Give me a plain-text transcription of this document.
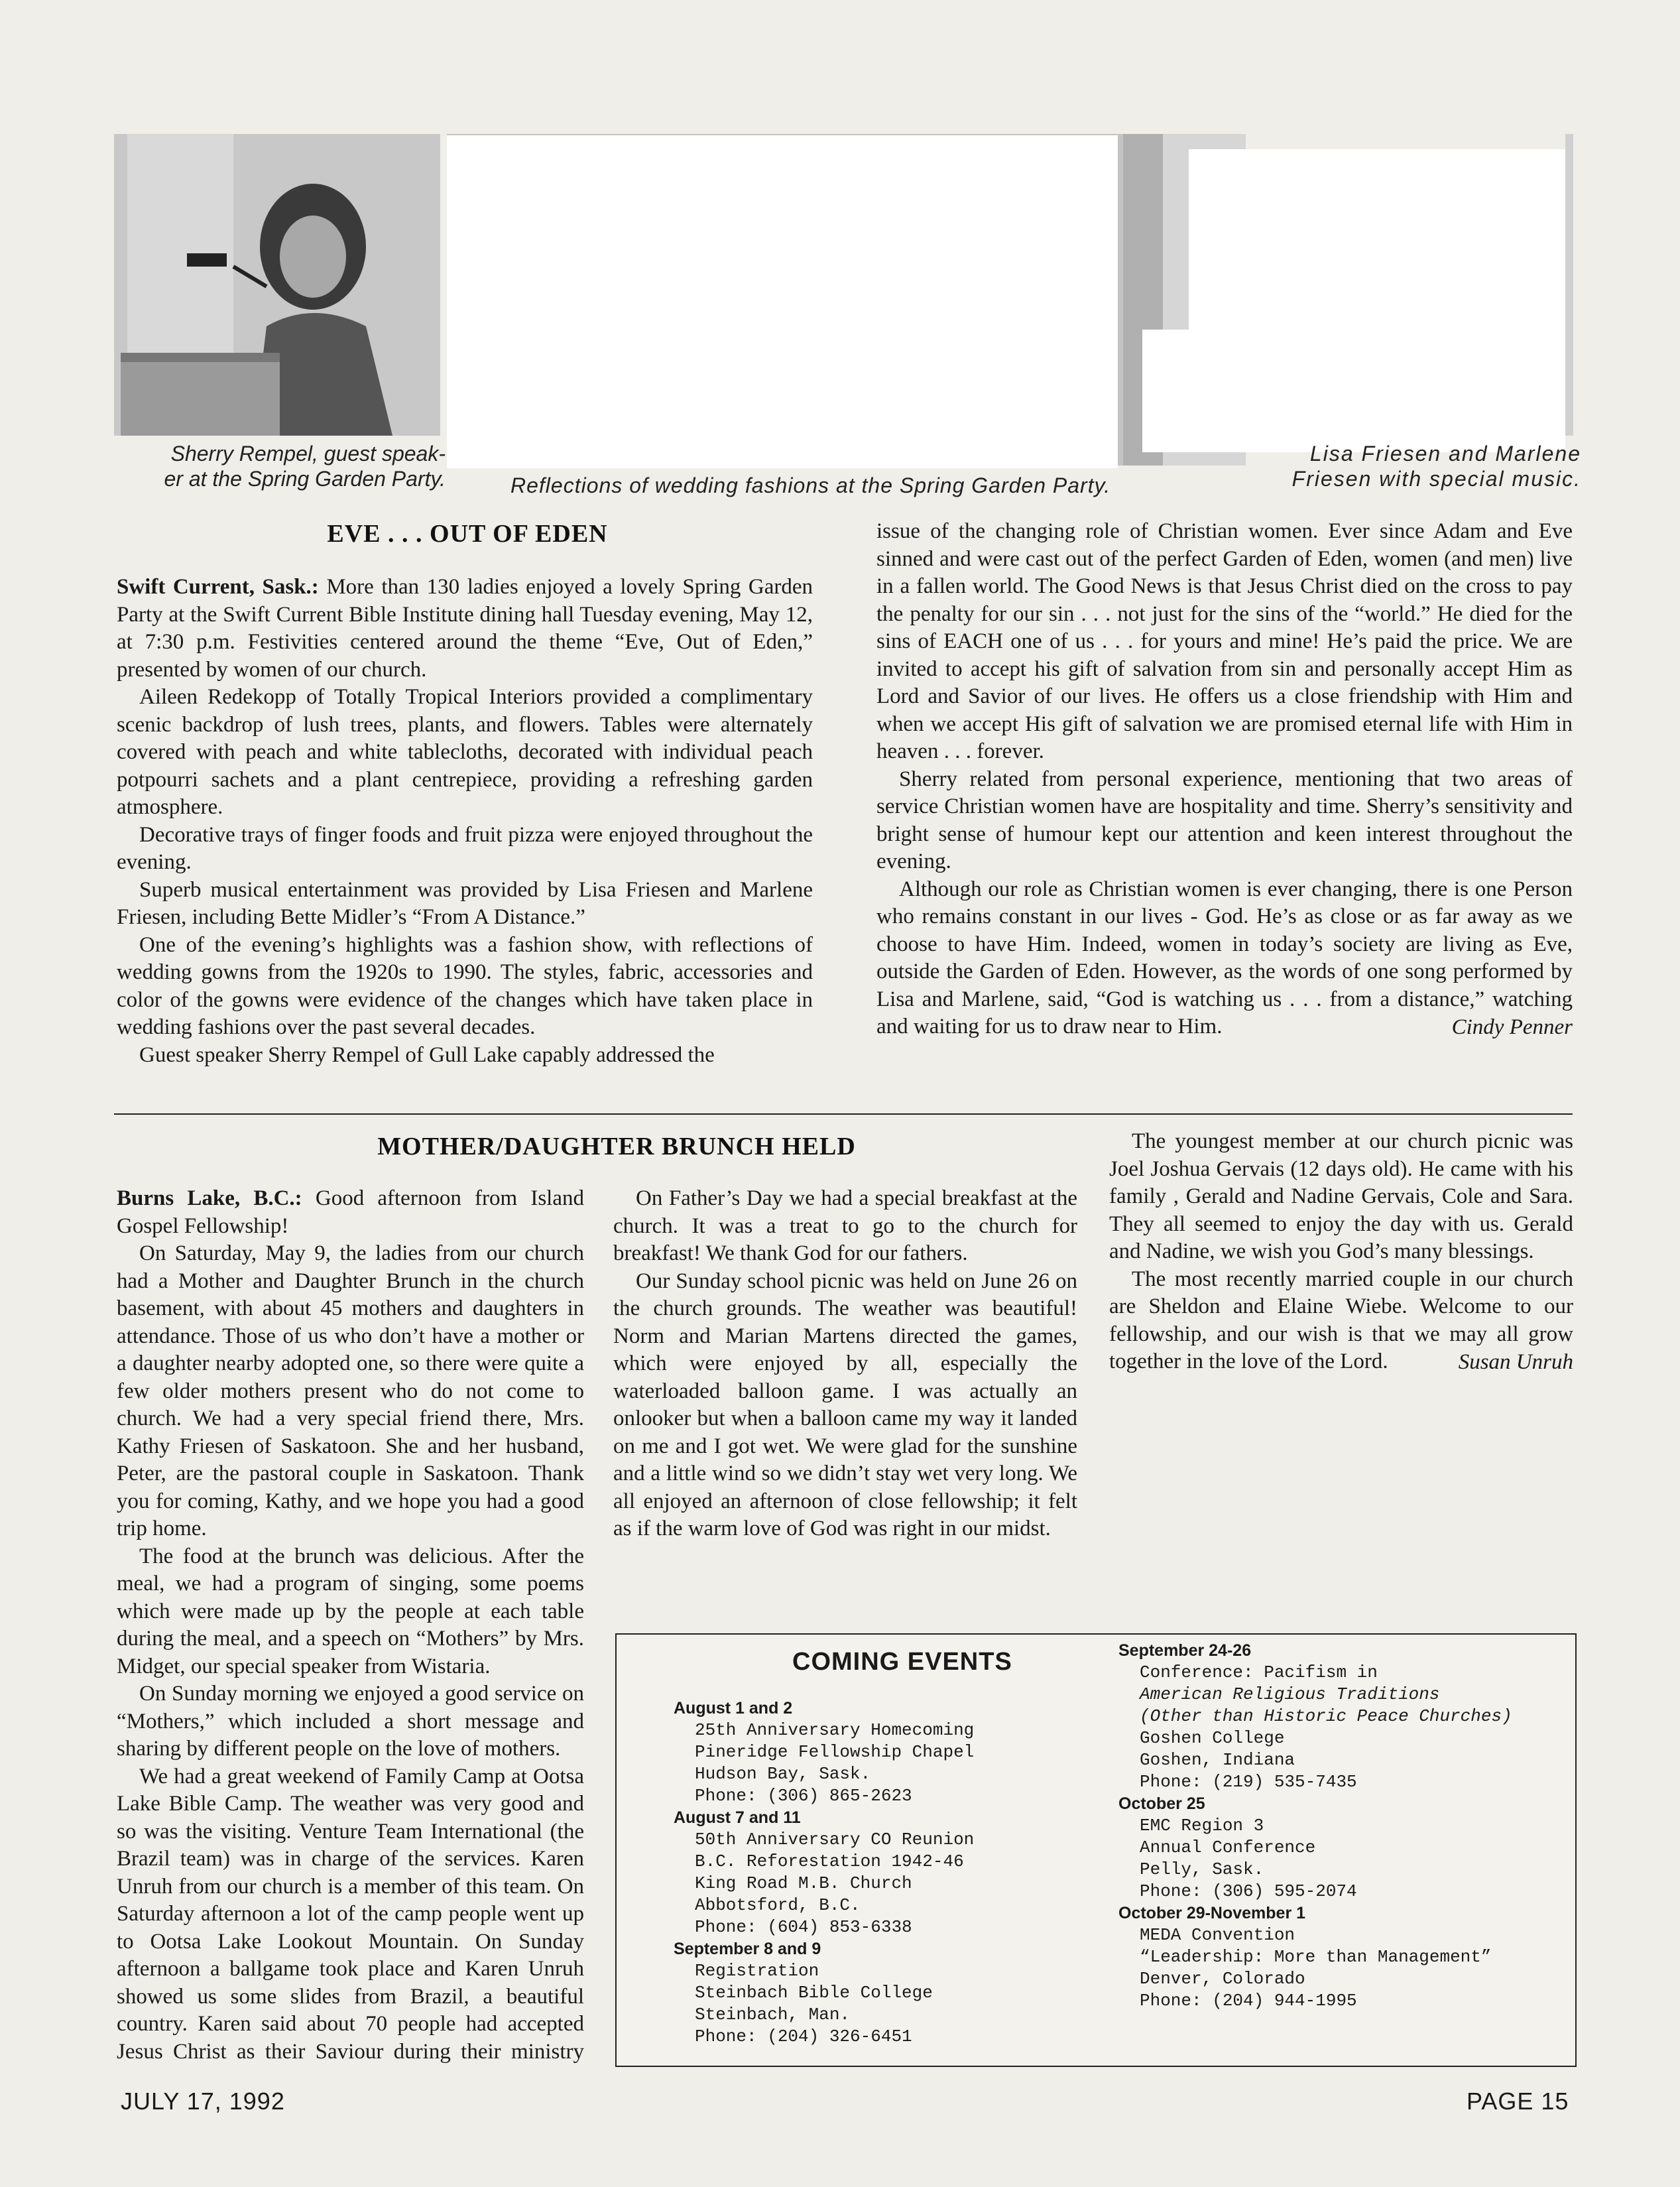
Sherry Rempel, guest speak-
er at the Spring Garden Party.	Reflections of wedding fashions at the Spring Garden Party.
Lisa Friesen and Marlene
Friesen with special music.
EVE . . . OUT OF EDEN

Swift Current, Sask.: More than 130 ladies enjoyed a lovely Spring Garden Party at the Swift Current Bible Institute dining hall Tuesday evening, May 12, at 7:30 p.m. Festivities centered around the theme “Eve, Out of Eden,” presented by women of our church.

Aileen Redekopp of Totally Tropical Interiors provided a complimentary scenic backdrop of lush trees, plants, and flowers. Tables were alternately covered with peach and white tablecloths, decorated with individual peach potpourri sachets and a plant centrepiece, providing a refreshing garden atmosphere.

Decorative trays of finger foods and fruit pizza were enjoyed throughout the evening.

Superb musical entertainment was provided by Lisa Friesen and Marlene Friesen, including Bette Midler’s “From A Distance.”

One of the evening’s highlights was a fashion show, with reflections of wedding gowns from the 1920s to 1990. The styles, fabric, accessories and color of the gowns were evidence of the changes which have taken place in wedding fashions over the past several decades.

Guest speaker Sherry Rempel of Gull Lake capably addressed the

issue of the changing role of Christian women. Ever since Adam and Eve sinned and were cast out of the perfect Garden of Eden, women (and men) live in a fallen world. The Good News is that Jesus Christ died on the cross to pay the penalty for our sin . . . not just for the sins of the “world.” He died for the sins of EACH one of us . . . for yours and mine! He’s paid the price. We are invited to accept his gift of salvation from sin and personally accept Him as Lord and Savior of our lives. He offers us a close friendship with Him and when we accept His gift of salvation we are promised eternal life with Him in heaven . . . forever.

Sherry related from personal experience, mentioning that two areas of service Christian women have are hospitality and time. Sherry’s sensitivity and bright sense of humour kept our attention and keen interest throughout the evening.

Although our role as Christian women is ever changing, there is one Person who remains constant in our lives - God. He’s as close or as far away as we choose to have Him. Indeed, women in today’s society are living as Eve, outside the Garden of Eden. However, as the words of one song performed by Lisa and Marlene, said, “God is watching us . . . from a distance,” watching and waiting for us to draw near to Him.	Cindy Penner
MOTHER/DAUGHTER BRUNCH HELD

Burns Lake, B.C.: Good afternoon from Island Gospel Fellowship!

On Saturday, May 9, the ladies from our church had a Mother and Daughter Brunch in the church basement, with about 45 mothers and daughters in attendance. Those of us who don’t have a mother or a daughter nearby adopted one, so there were quite a few older mothers present who do not come to church. We had a very special friend there, Mrs. Kathy Friesen of Saskatoon. She and her husband, Peter, are the pastoral couple in Saskatoon. Thank you for coming, Kathy, and we hope you had a good trip home.

The food at the brunch was delicious. After the meal, we had a program of singing, some poems which were made up by the people at each table during the meal, and a speech on “Mothers” by Mrs. Midget, our special speaker from Wistaria.

On Sunday morning we enjoyed a good service on “Mothers,” which included a short message and sharing by different people on the love of mothers.

We had a great weekend of Family Camp at Ootsa Lake Bible Camp. The weather was very good and so was the visiting. Venture Team International (the Brazil team) was in charge of the services. Karen Unruh from our church is a member of this team. On Saturday afternoon a lot of the camp people went up to Ootsa Lake Lookout Mountain. On Sunday afternoon a ballgame took place and Karen Unruh showed us some slides from Brazil, a beautiful country. Karen said about 70 people had accepted Jesus Christ as their Saviour during their ministry

On Father’s Day we had a special breakfast at the church. It was a treat to go to the church for breakfast! We thank God for our fathers.

Our Sunday school picnic was held on June 26 on the church grounds. The weather was beautiful! Norm and Marian Martens directed the games, which were enjoyed by all, especially the waterloaded balloon game. I was actually an onlooker but when a balloon came my way it landed on me and I got wet. We were glad for the sunshine and a little wind so we didn’t stay wet very long. We all enjoyed an afternoon of close fellowship; it felt as if the warm love of God was right in our midst.

The youngest member at our church picnic was Joel Joshua Gervais (12 days old). He came with his family , Gerald and Nadine Gervais, Cole and Sara. They all seemed to enjoy the day with us. Gerald and Nadine, we wish you God’s many blessings.

The most recently married couple in our church are Sheldon and Elaine Wiebe. Welcome to our fellowship, and our wish is that we may all grow together in the love of the Lord.	Susan Unruh
COMING EVENTS
August 1 and 2
25th Anniversary Homecoming
Pineridge Fellowship Chapel
Hudson Bay, Sask.
Phone: (306) 865-2623
August 7 and 11
50th Anniversary CO Reunion
B.C. Reforestation 1942-46
King Road M.B. Church
Abbotsford, B.C.
Phone: (604) 853-6338
September 8 and 9
Registration
Steinbach Bible College
Steinbach, Man.
Phone: (204) 326-6451
September 24-26
Conference: Pacifism in
American Religious Traditions
(Other than Historic Peace Churches)
Goshen College
Goshen, Indiana
Phone: (219) 535-7435
October 25
EMC Region 3
Annual Conference
Pelly, Sask.
Phone: (306) 595-2074
October 29-November 1
MEDA Convention
“Leadership: More than Management”
Denver, Colorado
Phone: (204) 944-1995
JULY 17, 1992	PAGE 15
